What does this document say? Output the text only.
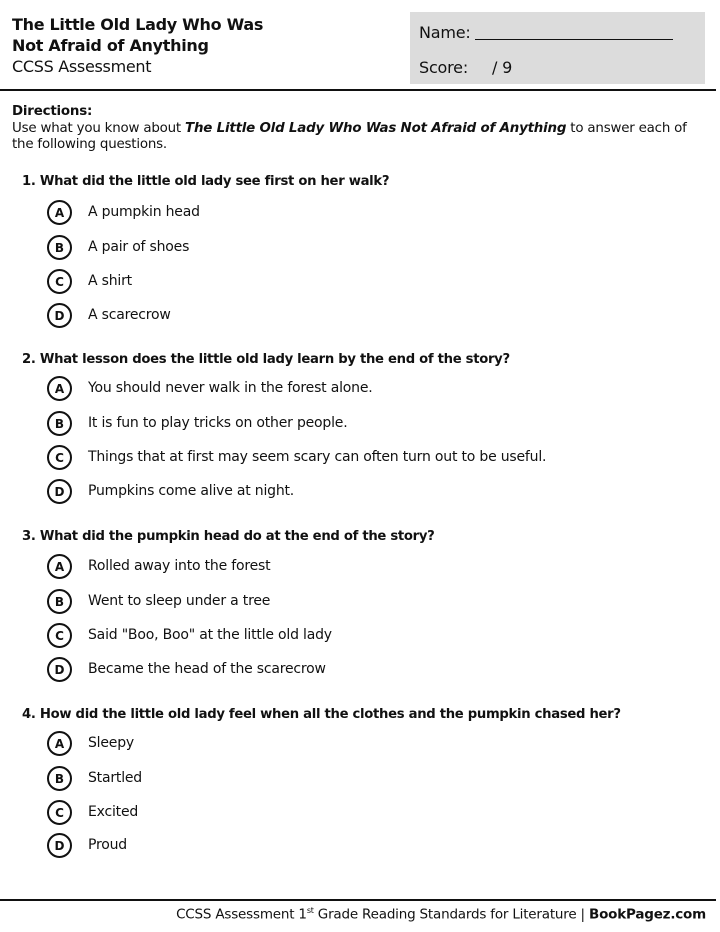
The Little Old Lady Who Was
Not Afraid of Anything
CCSS Assessment
Name:
Score: / 9
Directions:
Use what you know about The Little Old Lady Who Was Not Afraid of Anything to answer each of the following questions.
1. What did the little old lady see first on her walk?
A	A pumpkin head
B	A pair of shoes
C	A shirt
D	A scarecrow
2. What lesson does the little old lady learn by the end of the story?
A	You should never walk in the forest alone.
B	It is fun to play tricks on other people.
C	Things that at first may seem scary can often turn out to be useful.
D	Pumpkins come alive at night.
3. What did the pumpkin head do at the end of the story?
A	Rolled away into the forest
B	Went to sleep under a tree
C	Said "Boo, Boo" at the little old lady
D	Became the head of the scarecrow
4. How did the little old lady feel when all the clothes and the pumpkin chased her?
A	Sleepy
B	Startled
C	Excited
D	Proud
CCSS Assessment 1st Grade Reading Standards for Literature | BookPagez.com
